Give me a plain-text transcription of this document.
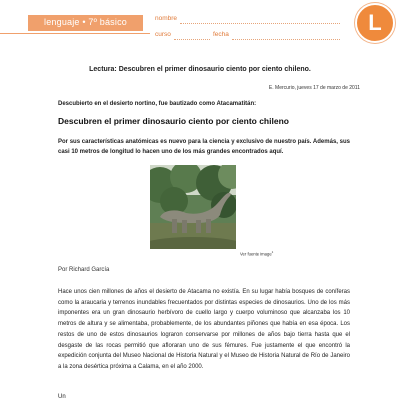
lenguaje • 7º básico	nombre
curso	fecha	L
Lectura: Descubren el primer dinosaurio ciento por ciento chileno.
E. Mercurio, jueves 17 de marzo de 2011
Descubierto en el desierto nortino, fue bautizado como Atacamatitán:
Descubren el primer dinosaurio ciento por ciento chileno
Por sus características anatómicas es nuevo para la ciencia y exclusivo de nuestro país. Además, sus casi 10 metros de longitud lo hacen uno de los más grandes encontrados aquí.
Ver fuente image$^1$
Por Richard García
Hace unos cien millones de años el desierto de Atacama no existía. En su lugar había bosques de coníferas como la araucaria y terrenos inundables frecuentados por distintas especies de dinosaurios. Uno de los más imponentes era un gran dinosaurio herbívoro de cuello largo y cuerpo voluminoso que alcanzaba los 10 metros de altura y se alimentaba, probablemente, de los abundantes piñones que había en esa época. Los restos de uno de estos dinosaurios lograron conservarse por millones de años bajo tierra hasta que el desgaste de las rocas permitió que afloraran uno de sus fémures. Fue justamente el que encontró la expedición conjunta del Museo Nacional de Historia Natural y el Museo de Historia Natural de Río de Janeiro a la zona desértica próxima a Calama, en el año 2000.
Un
